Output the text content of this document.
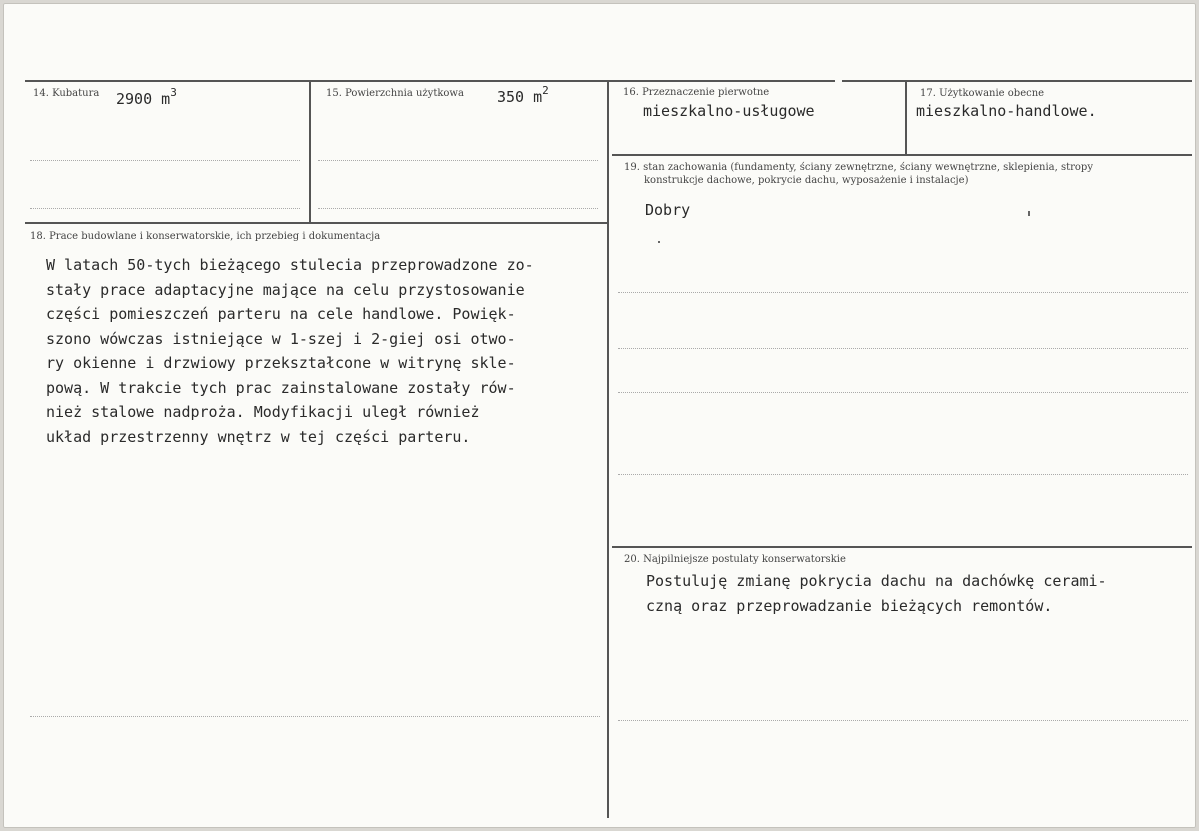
14. Kubatura 2900 $m^3$	15. Powierzchnia użytkowa 350 $m^2$	16. Przeznaczenie pierwotne
mieszkalno-usługowe
17. Użytkowanie obecne
mieszkalno-handlowe.
19. stan zachowania (fundamenty, ściany zewnętrzne, ściany wewnętrzne, sklepienia, stropy
konstrukcje dachowe, pokrycie dachu, wyposażenie i instalacje)
Dobry
18. Prace budowlane i konserwatorskie, ich przebieg i dokumentacja
W latach 50-tych bieżącego stulecia przeprowadzone zo-
stały prace adaptacyjne mające na celu przystosowanie
części pomieszczeń parteru na cele handlowe. Powięk-
szono wówczas istniejące w 1-szej i 2-giej osi otwo-
ry okienne i drzwiowy przekształcone w witrynę skle-
pową. W trakcie tych prac zainstalowane zostały rów-
nież stalowe nadproża. Modyfikacji uległ również
układ przestrzenny wnętrz w tej części parteru.
20. Najpilniejsze postulaty konserwatorskie
Postuluję zmianę pokrycia dachu na dachówkę cerami-
czną oraz przeprowadzanie bieżących remontów.
